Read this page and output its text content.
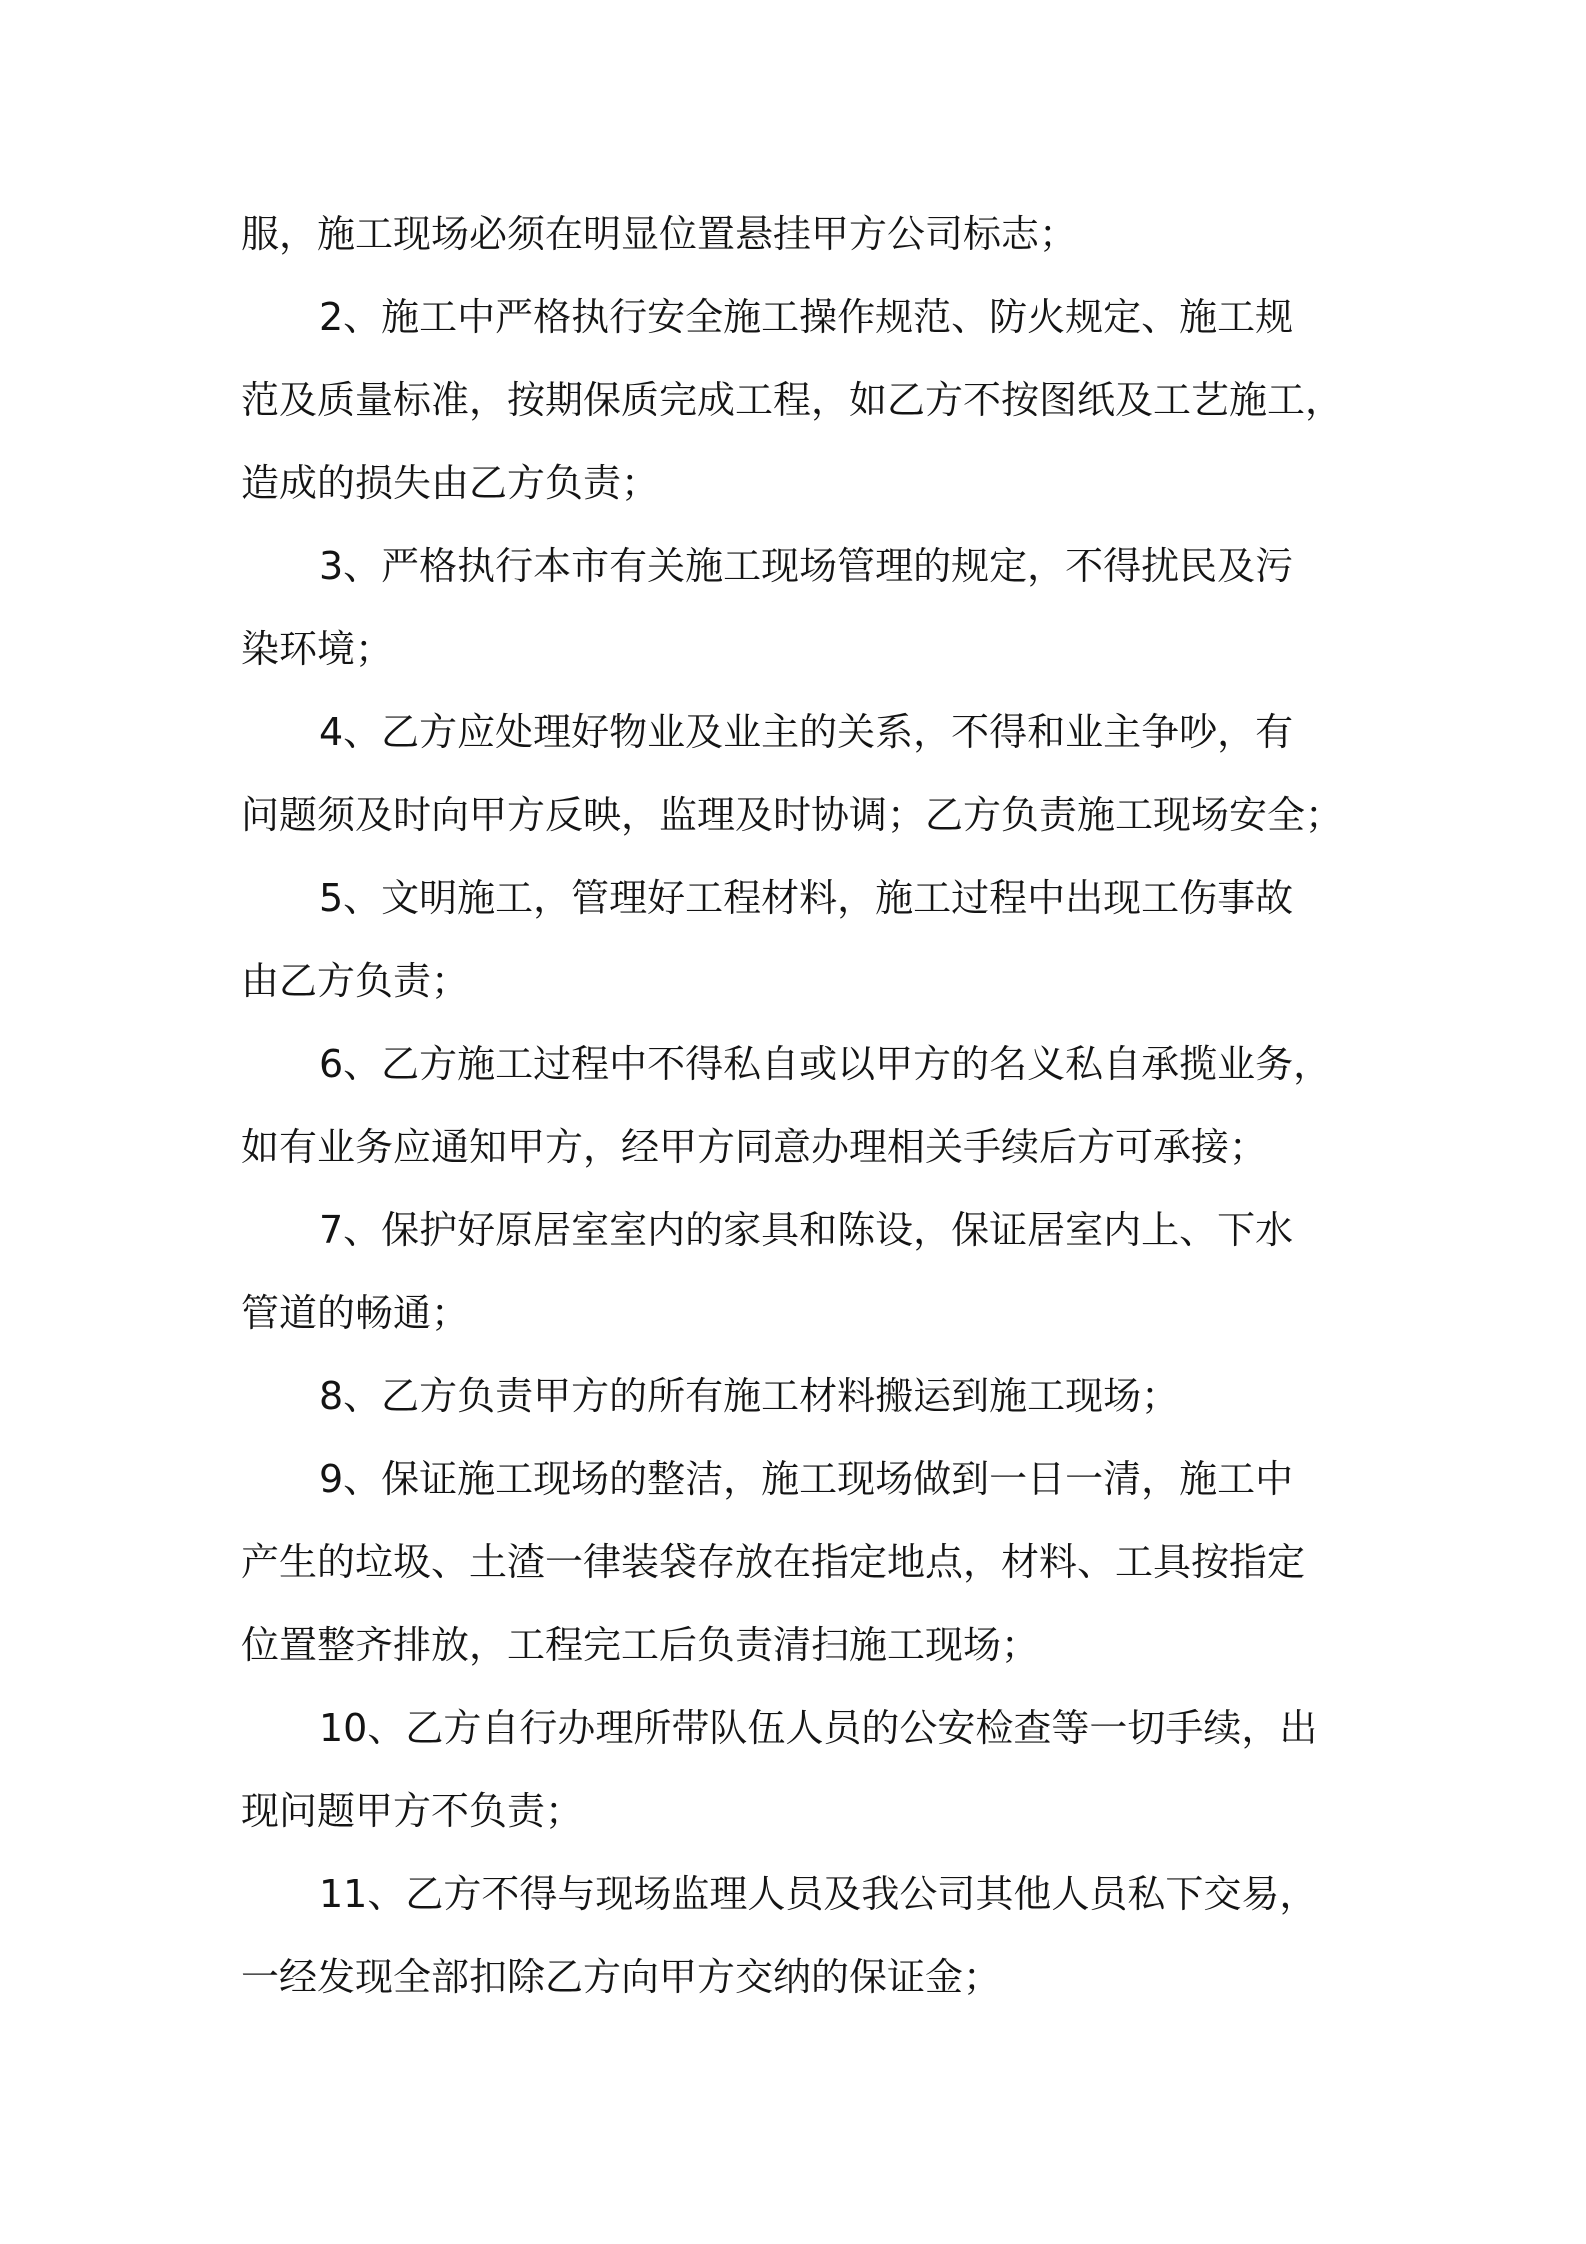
服，施工现场必须在明显位置悬挂甲方公司标志；
2、施工中严格执行安全施工操作规范、防火规定、施工规
范及质量标准，按期保质完成工程，如乙方不按图纸及工艺施工，
造成的损失由乙方负责；
3、严格执行本市有关施工现场管理的规定，不得扰民及污
染环境；
4、乙方应处理好物业及业主的关系，不得和业主争吵，有
问题须及时向甲方反映，监理及时协调；乙方负责施工现场安全；
5、文明施工，管理好工程材料，施工过程中出现工伤事故
由乙方负责；
6、乙方施工过程中不得私自或以甲方的名义私自承揽业务，
如有业务应通知甲方，经甲方同意办理相关手续后方可承接；
7、保护好原居室室内的家具和陈设，保证居室内上、下水
管道的畅通；
8、乙方负责甲方的所有施工材料搬运到施工现场；
9、保证施工现场的整洁，施工现场做到一日一清，施工中
产生的垃圾、土渣一律装袋存放在指定地点，材料、工具按指定
位置整齐排放，工程完工后负责清扫施工现场；
10、乙方自行办理所带队伍人员的公安检查等一切手续，出
现问题甲方不负责；
11、乙方不得与现场监理人员及我公司其他人员私下交易，
一经发现全部扣除乙方向甲方交纳的保证金；
